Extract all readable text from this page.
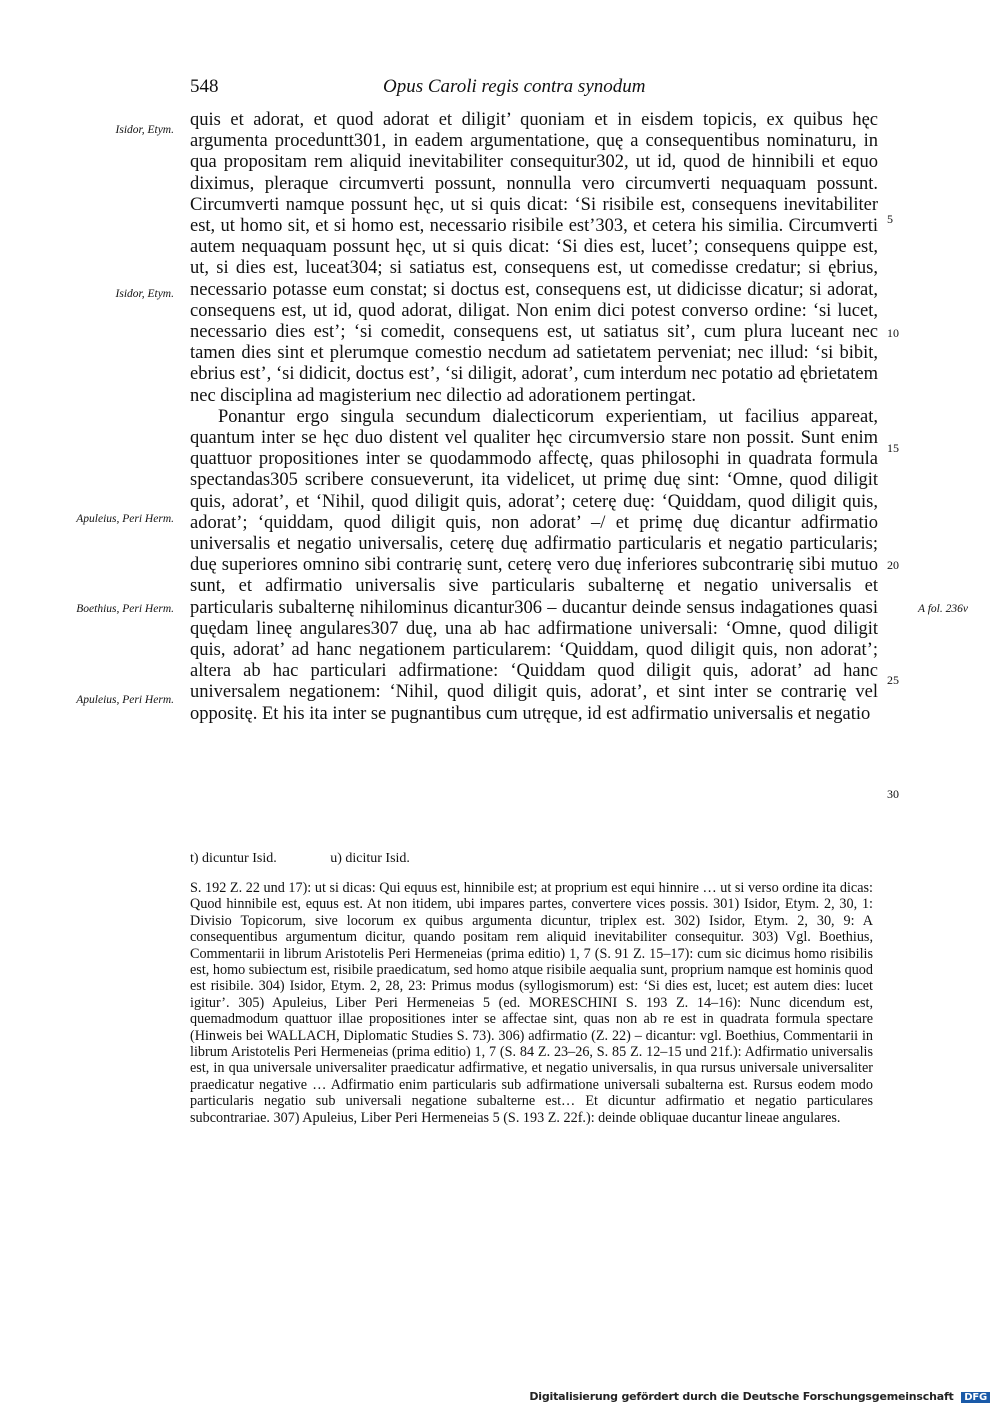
548	Opus Caroli regis contra synodum
Isidor, Etym.
Isidor, Etym.
Apuleius, Peri Herm.
Boethius, Peri Herm.
Apuleius, Peri Herm.
A fol. 236v
5
10
15
20
25
30

quis et adorat, et quod adorat et diligit’ quoniam et in eisdem topicis, ex quibus hęc argumenta proceduntt301, in eadem argumentatione, quę a consequentibus nominaturu, in qua propositam rem aliquid inevitabiliter consequitur302, ut id, quod de hinnibili et equo diximus, pleraque circumverti possunt, nonnulla vero circumverti nequaquam possunt. Circumverti namque possunt hęc, ut si quis dicat: ‘Si risibile est, consequens inevitabiliter est, ut homo sit, et si homo est, necessario risibile est’303, et cetera his similia. Circumverti autem nequaquam possunt hęc, ut si quis dicat: ‘Si dies est, lucet’; consequens quippe est, ut, si dies est, luceat304; si satiatus est, consequens est, ut comedisse credatur; si ębrius, necessario potasse eum constat; si doctus est, consequens est, ut didicisse dicatur; si adorat, consequens est, ut id, quod adorat, diligat. Non enim dici potest converso ordine: ‘si lucet, necessario dies est’; ‘si comedit, consequens est, ut satiatus sit’, cum plura luceant nec tamen dies sint et plerumque comestio necdum ad satietatem perveniat; nec illud: ‘si bibit, ebrius est’, ‘si didicit, doctus est’, ‘si diligit, adorat’, cum interdum nec potatio ad ębrietatem nec disciplina ad magisterium nec dilectio ad adorationem pertingat.

Ponantur ergo singula secundum dialecticorum experientiam, ut facilius appareat, quantum inter se hęc duo distent vel qualiter hęc circumversio stare non possit. Sunt enim quattuor propositiones inter se quodammodo affectę, quas philosophi in quadrata formula spectandas305 scribere consueverunt, ita videlicet, ut primę duę sint: ‘Omne, quod diligit quis, adorat’, et ‘Nihil, quod diligit quis, adorat’; ceterę duę: ‘Quiddam, quod diligit quis, adorat’; ‘quiddam, quod diligit quis, non adorat’ –/ et primę duę dicantur adfirmatio universalis et negatio universalis, ceterę duę adfirmatio particularis et negatio particularis; duę superiores omnino sibi contrarię sunt, ceterę vero duę inferiores subcontrarię sibi mutuo sunt, et adfirmatio universalis sive particularis subalternę et negatio universalis et particularis subalternę nihilominus dicantur306 – ducantur deinde sensus indagationes quasi quędam lineę angulares307 duę, una ab hac adfirmatione universali: ‘Omne, quod diligit quis, adorat’ ad hanc negationem particularem: ‘Quiddam, quod diligit quis, non adorat’; altera ab hac particulari adfirmatione: ‘Quiddam quod diligit quis, adorat’ ad hanc universalem negationem: ‘Nihil, quod diligit quis, adorat’, et sint inter se contrarię vel oppositę. Et his ita inter se pugnantibus cum utręque, id est adfirmatio universalis et negatio

t) dicuntur Isid.	u) dicitur Isid.

S. 192 Z. 22 und 17): ut si dicas: Qui equus est, hinnibile est; at proprium est equi hinnire … ut si verso ordine ita dicas: Quod hinnibile est, equus est. At non itidem, ubi impares partes, convertere vices possis. 301) Isidor, Etym. 2, 30, 1: Divisio Topicorum, sive locorum ex quibus argumenta dicuntur, triplex est. 302) Isidor, Etym. 2, 30, 9: A consequentibus argumentum dicitur, quando positam rem aliquid inevitabiliter consequitur. 303) Vgl. Boethius, Commentarii in librum Aristotelis Peri Hermeneias (prima editio) 1, 7 (S. 91 Z. 15–17): cum sic dicimus homo risibilis est, homo subiectum est, risibile praedicatum, sed homo atque risibile aequalia sunt, proprium namque est hominis quod est risibile. 304) Isidor, Etym. 2, 28, 23: Primus modus (syllogismorum) est: ‘Si dies est, lucet; est autem dies: lucet igitur’. 305) Apuleius, Liber Peri Hermeneias 5 (ed. MORESCHINI S. 193 Z. 14–16): Nunc dicendum est, quemadmodum quattuor illae propositiones inter se affectae sint, quas non ab re est in quadrata formula spectare (Hinweis bei WALLACH, Diplomatic Studies S. 73). 306) adfirmatio (Z. 22) – dicantur: vgl. Boethius, Commentarii in librum Aristotelis Peri Hermeneias (prima editio) 1, 7 (S. 84 Z. 23–26, S. 85 Z. 12–15 und 21f.): Adfirmatio universalis est, in qua universale universaliter praedicatur adfirmative, et negatio universalis, in qua rursus universale universaliter praedicatur negative … Adfirmatio enim particularis sub adfirmatione universali subalterna est. Rursus eodem modo particularis negatio sub universali negatione subalterne est… Et dicuntur adfirmatio et negatio particulares subcontrariae. 307) Apuleius, Liber Peri Hermeneias 5 (S. 193 Z. 22f.): deinde obliquae ducantur lineae angulares.

Digitalisierung gefördert durch die Deutsche Forschungsgemeinschaft DFG
